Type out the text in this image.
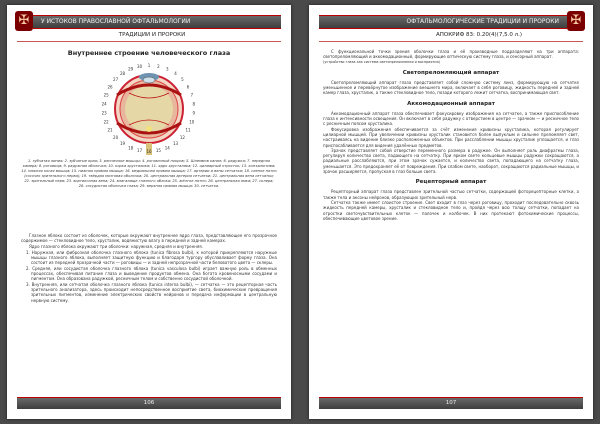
✠	У ИСТОКОВ ПРАВОСЛАВНОЙ ОФТАЛЬМОЛОГИИ
ТРАДИЦИИ И ПРОРОКИ
Внутреннее строение человеческого глаза
1 2
3
4
5
6
7
8
9
10
11
12
13
14
15
16
17
18
19
20
21
22
23
24
25
26
27
28
29
30
1. зубчатая линия; 2. зубчатые края; 3. ресничные мышцы; 4. роговичный покров; 5. Шлеммов канал; 6. радужка; 7. передняя камера; 8. роговица; 9. радужная оболочка; 10. корка хрусталика; 11. ядро хрусталика; 12. цилиарный отросток; 13. конъюнктива; 14. нижняя косая мышца; 15. нижняя прямая мышца; 16. медиальная прямая мышца; 17. артерии и вены сетчатки; 18. слепое пятно (сосочек зрительного нерва); 19. твёрдая мозговая оболочка; 20. центральная артерия сетчатки; 21. центральная вена сетчатки; 22. зрительный нерв; 23. вортикозная вена; 24. влагалище глазного яблока; 25. жёлтое пятно; 26. центральная ямка; 27. склера; 28. сосудистая оболочка глаза; 29. верхняя прямая мышца; 30. сетчатка.
Глазное яблоко состоит из оболочек, которые окружают внутреннее ядро глаза, представляющее его прозрачное содержимое — стекловидное тело, хрусталик, водянистую влагу в передней и задней камерах.
Ядро глазного яблока окружают три оболочки: наружная, средняя и внутренняя.
1. Наружная, или фиброзная оболочка глазного яблока (tunica fibrosa bulbi), к которой прикрепляются наружные мышцы глазного яблока, выполняет защитную функцию и благодаря тургору обуславливает форму глаза. Она состоит из передней прозрачной части — роговицы — и задней непрозрачной части беловатого цвета — склеры.
2. Средняя, или сосудистая оболочка глазного яблока (tunica vasculosa bulbi) играет важную роль в обменных процессах, обеспечивая питание глаза и выведение продуктов обмена. Она богата кровеносными сосудами и пигментом. Она образована радужкой, ресничным телом и собственно сосудистой оболочкой.
3. Внутренняя, или сетчатая оболочка глазного яблока (tunica interna bulbi), — сетчатка — это рецепторная часть зрительного анализатора, здесь происходит непосредственное восприятие света, биохимические превращения зрительных пигментов, изменение электрических свойств нейронов и передача информации в центральную нервную систему.
106
✠
ОФТАЛЬМОЛОГИЧЕСКИЕ ТРАДИЦИИ И ПРОРОКИ
АПОКРИФ 83: 0.20(4)(7,5.0 л.)
С функциональной точки зрения оболочки глаза и её производные подразделяют на три аппарата: светопреломляющий и аккомодационный, формирующие оптическую систему глаза, и сенсорный аппарат.
(устройство глаза как система светопреломления и восприятия)
Светопреломляющий аппарат
Светопреломляющий аппарат глаза представляет собой сложную систему линз, формирующую на сетчатке уменьшенное и перевёрнутое изображение внешнего мира, включает в себя роговицу, жидкость передней и задней камер глаза, хрусталик, а также стекловидное тело, позади которого лежит сетчатка, воспринимающая свет.
Аккомодационный аппарат
Аккомодационный аппарат глаза обеспечивает фокусировку изображения на сетчатке, а также приспособление глаза к интенсивности освещения. Он включает в себя радужку с отверстием в центре — зрачком — и ресничное тело с ресничным поясом хрусталика.
Фокусировка изображения обеспечивается за счёт изменения кривизны хрусталика, которая регулирует цилиарной мышцей. При увеличении кривизны хрусталик становится более выпуклым и сильнее преломляет свет, настраиваясь на видение близко расположенных объектов. При расслаблении мышцы хрусталик уплощается, и глаз приспосабливается для видения удалённых предметов.
Зрачок представляет собой отверстие переменного размера в радужке. Он выполняет роль диафрагмы глаза, регулируя количество света, падающего на сетчатку. При ярком свете кольцевые мышцы радужки сокращаются, а радиальные расслабляются, при этом зрачок сужается, и количество света, попадающего на сетчатку глаза, уменьшается. Это предохраняет её от повреждения. При слабом свете, наоборот, сокращаются радиальные мышцы, и зрачок расширяется, пропуская в глаз больше света.
Рецепторный аппарат
Рецепторный аппарат глаза представлен зрительной частью сетчатки, содержащей фоторецепторные клетки, а также тела и аксоны нейронов, образующих зрительный нерв.
Сетчатка также имеет слоистое строение. Свет входит в глаз через роговицу, проходит последовательно сквозь жидкость передней камеры, хрусталик и стекловидное тело и, пройдя через всю толщу сетчатки, попадает на отростки светочувствительных клеток — палочек и колбочек. В них протекают фотохимические процессы, обеспечивающие цветовое зрение.
107
